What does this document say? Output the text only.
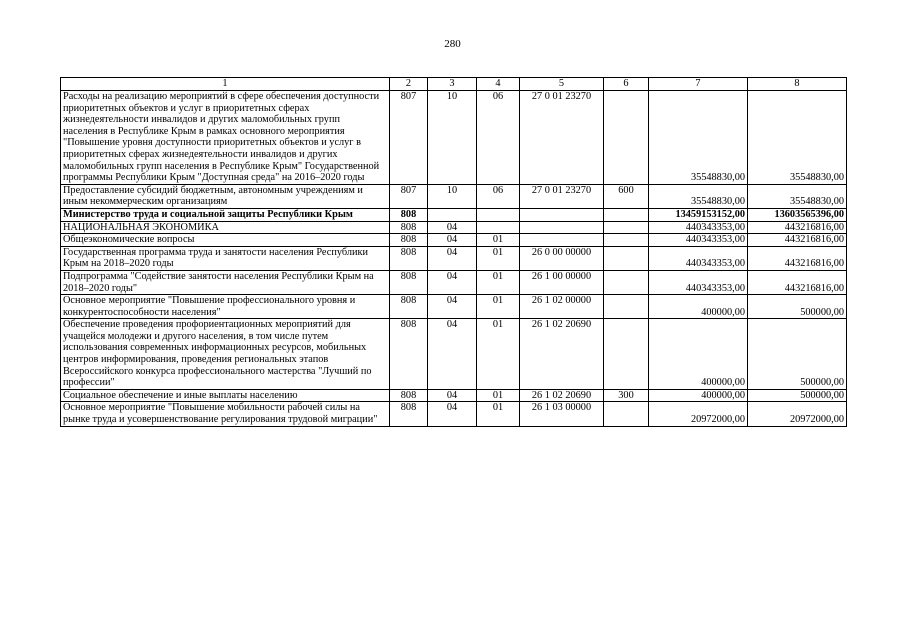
280
1	2	3	4	5	6	7	8
Расходы на реализацию мероприятий в сфере обеспечения доступности приоритетных объектов и услуг в приоритетных сферах жизнедеятельности инвалидов и других маломобильных групп населения в Республике Крым в рамках основного мероприятия "Повышение уровня доступности приоритетных объектов и услуг в приоритетных сферах жизнедеятельности инвалидов и других маломобильных групп населения в Республике Крым" Государственной программы Республики Крым "Доступная среда" на 2016–2020 годы	807	10	06	27 0 01 23270		35548830,00	35548830,00
Предоставление субсидий бюджетным, автономным учреждениям и иным некоммерческим организациям	807	10	06	27 0 01 23270	600	35548830,00	35548830,00
Министерство труда и социальной защиты Республики Крым	808					13459153152,00	13603565396,00
НАЦИОНАЛЬНАЯ ЭКОНОМИКА	808	04				440343353,00	443216816,00
Общеэкономические вопросы	808	04	01			440343353,00	443216816,00
Государственная программа труда и занятости населения Республики Крым на 2018–2020 годы	808	04	01	26 0 00 00000		440343353,00	443216816,00
Подпрограмма "Содействие занятости населения Республики Крым на 2018–2020 годы"	808	04	01	26 1 00 00000		440343353,00	443216816,00
Основное мероприятие "Повышение профессионального уровня и конкурентоспособности населения"	808	04	01	26 1 02 00000		400000,00	500000,00
Обеспечение проведения профориентационных мероприятий для учащейся молодежи и другого населения, в том числе путем использования современных информационных ресурсов, мобильных центров информирования, проведения региональных этапов Всероссийского конкурса профессионального мастерства "Лучший по профессии"	808	04	01	26 1 02 20690		400000,00	500000,00
Социальное обеспечение и иные выплаты населению	808	04	01	26 1 02 20690	300	400000,00	500000,00
Основное мероприятие "Повышение мобильности рабочей силы на рынке труда и усовершенствование регулирования трудовой миграции"	808	04	01	26 1 03 00000		20972000,00	20972000,00
